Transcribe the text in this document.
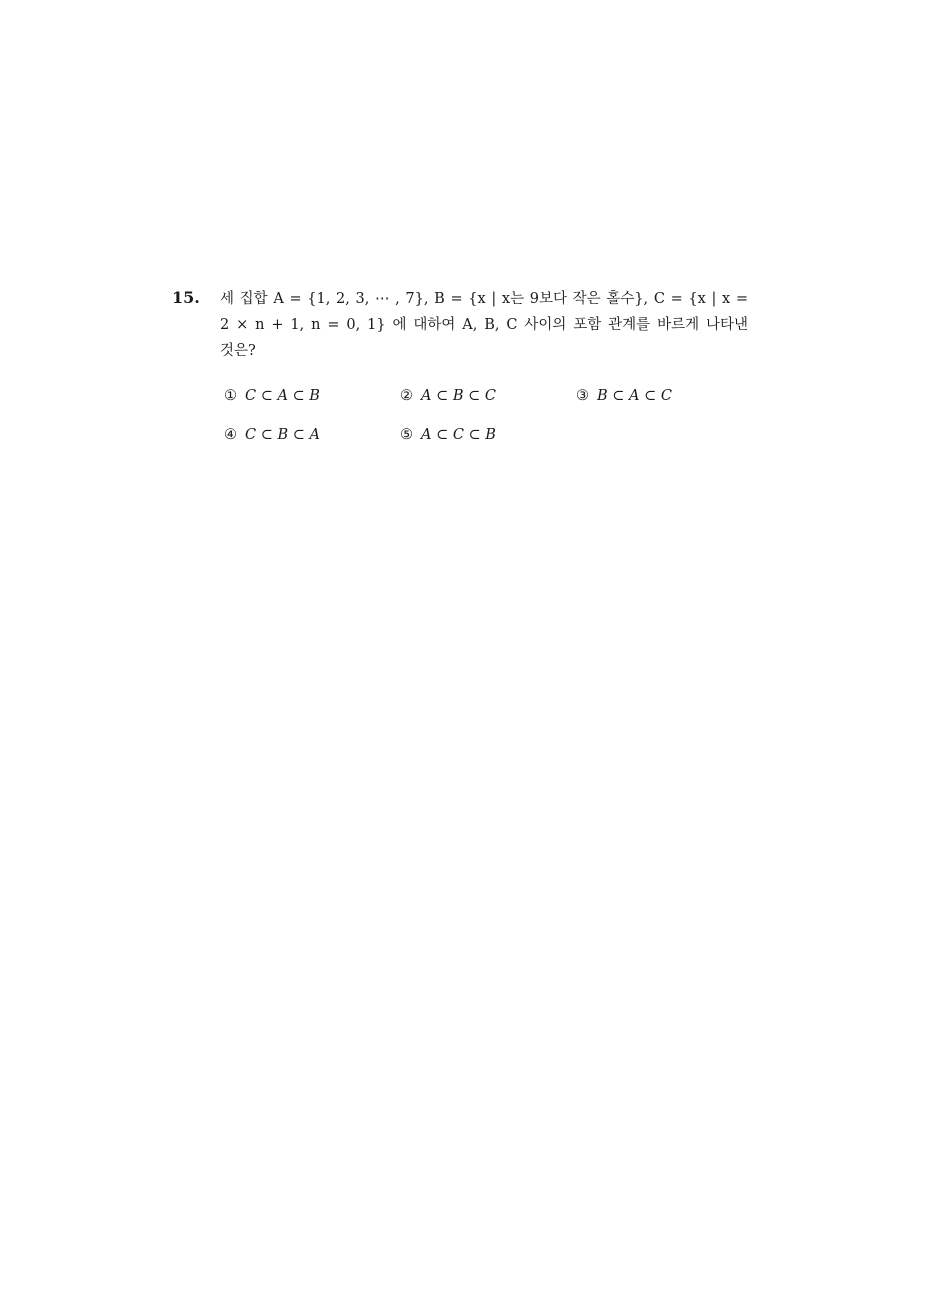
15. 세 집합 A = {1, 2, 3, ⋯ , 7}, B = {x | x는 9보다 작은 홀수}, C = {x | x =
2 × n + 1, n = 0, 1} 에 대하여 A, B, C 사이의 포함 관계를 바르게 나타낸
것은?
① C ⊂ A ⊂ B	② A ⊂ B ⊂ C	③ B ⊂ A ⊂ C
④ C ⊂ B ⊂ A	⑤ A ⊂ C ⊂ B
